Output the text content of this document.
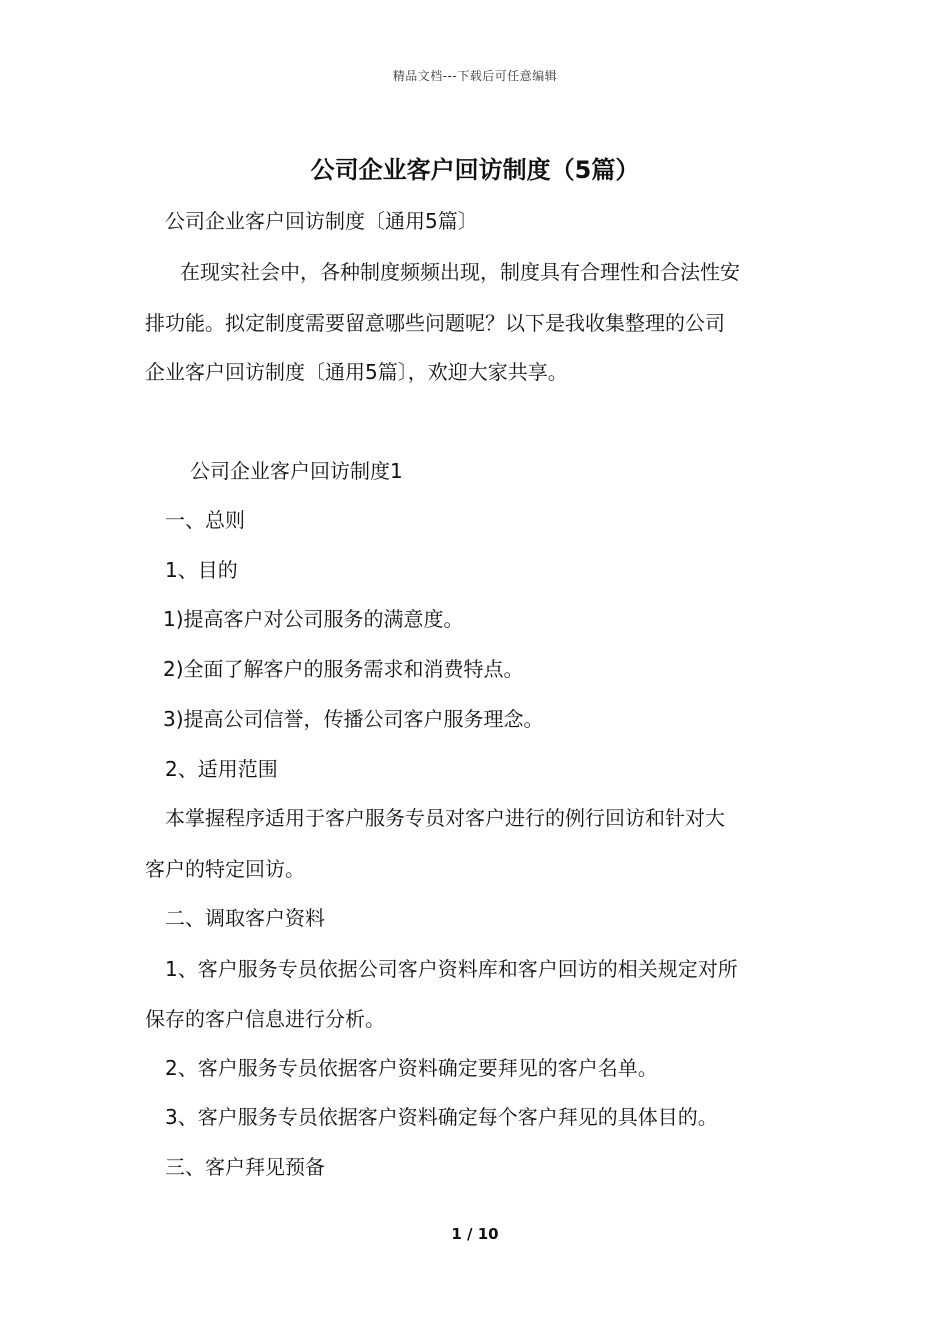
精品文档---下载后可任意编辑
公司企业客户回访制度（5篇）
公司企业客户回访制度〔通用5篇〕
在现实社会中，各种制度频频出现，制度具有合理性和合法性安
排功能。拟定制度需要留意哪些问题呢？以下是我收集整理的公司
企业客户回访制度〔通用5篇〕，欢迎大家共享。
公司企业客户回访制度1
一、总则
1、目的
1)提高客户对公司服务的满意度。
2)全面了解客户的服务需求和消费特点。
3)提高公司信誉，传播公司客户服务理念。
2、适用范围
本掌握程序适用于客户服务专员对客户进行的例行回访和针对大
客户的特定回访。
二、调取客户资料
1、客户服务专员依据公司客户资料库和客户回访的相关规定对所
保存的客户信息进行分析。
2、客户服务专员依据客户资料确定要拜见的客户名单。
3、客户服务专员依据客户资料确定每个客户拜见的具体目的。
三、客户拜见预备
1 / 10
